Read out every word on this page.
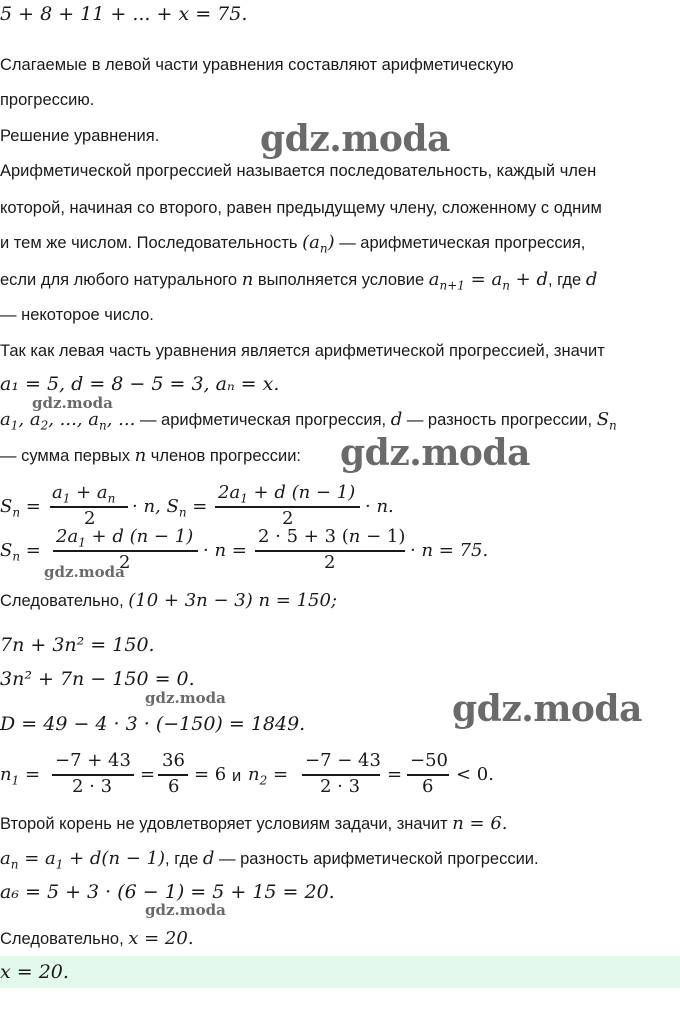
5 + 8 + 11 + ... + x = 75.
Слагаемые в левой части уравнения составляют арифметическую
прогрессию.
Решение уравнения.
Арифметической прогрессией называется последовательность, каждый член
которой, начиная со второго, равен предыдущему члену, сложенному с одним
и тем же числом. Последовательность $(a_n)$ — арифметическая прогрессия,
если для любого натурального n выполняется условие $a_{n+1} = a_n + d$, где d
— некоторое число.
Так как левая часть уравнения является арифметической прогрессией, значит
a₁ = 5, d = 8 − 5 = 3, aₙ = x.
$a_1$, $a_2$, ..., $a_n$, ... — арифметическая прогрессия, d — разность прогрессии, $S_n$
— сумма первых n членов прогрессии:
$S_n$ =
$a_1 + a_n$
2
· n, $S_n$ =
$2a_1 + d$ (n − 1)
2
· n.
$S_n$ =
$2a_1 + d$ (n − 1)
2
· n =
2 · 5 + 3 (n − 1)
2
· n = 75.
Следовательно, (10 + 3n − 3) n = 150;
7n + 3n² = 150.
3n² + 7n − 150 = 0.
D = 49 − 4 · 3 · (−150) = 1849.
$n_1$ =
−7 + 43
2 · 3
=
36
6
= 6 и $n_2$ =
−7 − 43
2 · 3
=
−50
6
< 0.
Второй корень не удовлетворяет условиям задачи, значит n = 6.
$a_n = a_1 + d(n - 1)$, где d — разность арифметической прогрессии.
a₆ = 5 + 3 · (6 − 1) = 5 + 15 = 20.
Следовательно, x = 20.
x = 20.
gdz.moda
gdz.moda
gdz.moda
gdz.moda
gdz.moda	gdz.moda
gdz.moda
